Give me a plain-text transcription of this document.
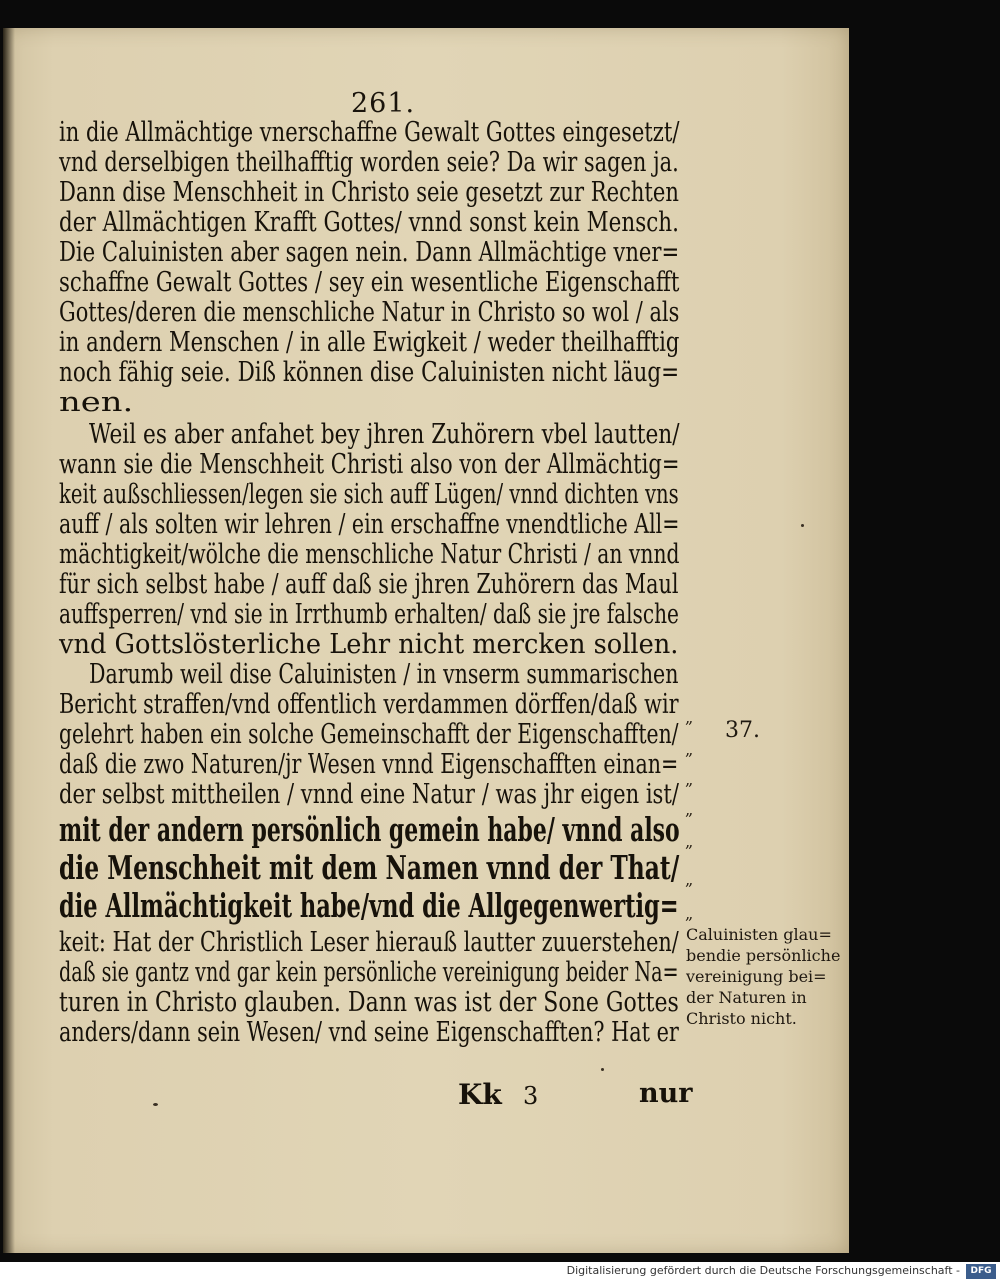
261.
in die Allmächtige vnerschaffne Gewalt Gottes eingesetzt/
vnd derselbigen theilhafftig worden seie? Da wir sagen ja.
Dann dise Menschheit in Christo seie gesetzt zur Rechten
der Allmächtigen Krafft Gottes/ vnnd sonst kein Mensch.
Die Caluinisten aber sagen nein. Dann Allmächtige vner=
schaffne Gewalt Gottes / sey ein wesentliche Eigenschafft
Gottes/deren die menschliche Natur in Christo so wol / als
in andern Menschen / in alle Ewigkeit / weder theilhafftig
noch fähig seie. Diß können dise Caluinisten nicht läug=
nen.
Weil es aber anfahet bey jhren Zuhörern vbel lautten/
wann sie die Menschheit Christi also von der Allmächtig=
keit außschliessen/legen sie sich auff Lügen/ vnnd dichten vns
auff / als solten wir lehren / ein erschaffne vnendtliche All=
mächtigkeit/wölche die menschliche Natur Christi / an vnnd
für sich selbst habe / auff daß sie jhren Zuhörern das Maul
auffsperren/ vnd sie in Irrthumb erhalten/ daß sie jre falsche
vnd Gottslösterliche Lehr nicht mercken sollen.
Darumb weil dise Caluinisten / in vnserm summarischen
Bericht straffen/vnd offentlich verdammen dörffen/daß wir
gelehrt haben ein solche Gemeinschafft der Eigenschafften/
daß die zwo Naturen/jr Wesen vnnd Eigenschafften einan=
der selbst mittheilen / vnnd eine Natur / was jhr eigen ist/
mit der andern persönlich gemein habe/ vnnd also
die Menschheit mit dem Namen vnnd der That/
die Allmächtigkeit habe/vnd die Allgegenwertig=
keit: Hat der Christlich Leser hierauß lautter zuuerstehen/
daß sie gantz vnd gar kein persönliche vereinigung beider Na=
turen in Christo glauben. Dann was ist der Sone Gottes
anders/dann sein Wesen/ vnd seine Eigenschafften? Hat er
„
„
„
„
„
„
„
37.
Caluinisten glau=
bendie persönliche
vereinigung bei=
der Naturen in
Christo nicht.
Kk 3	nur
Digitalisierung gefördert durch die Deutsche Forschungsgemeinschaft -	DFG
